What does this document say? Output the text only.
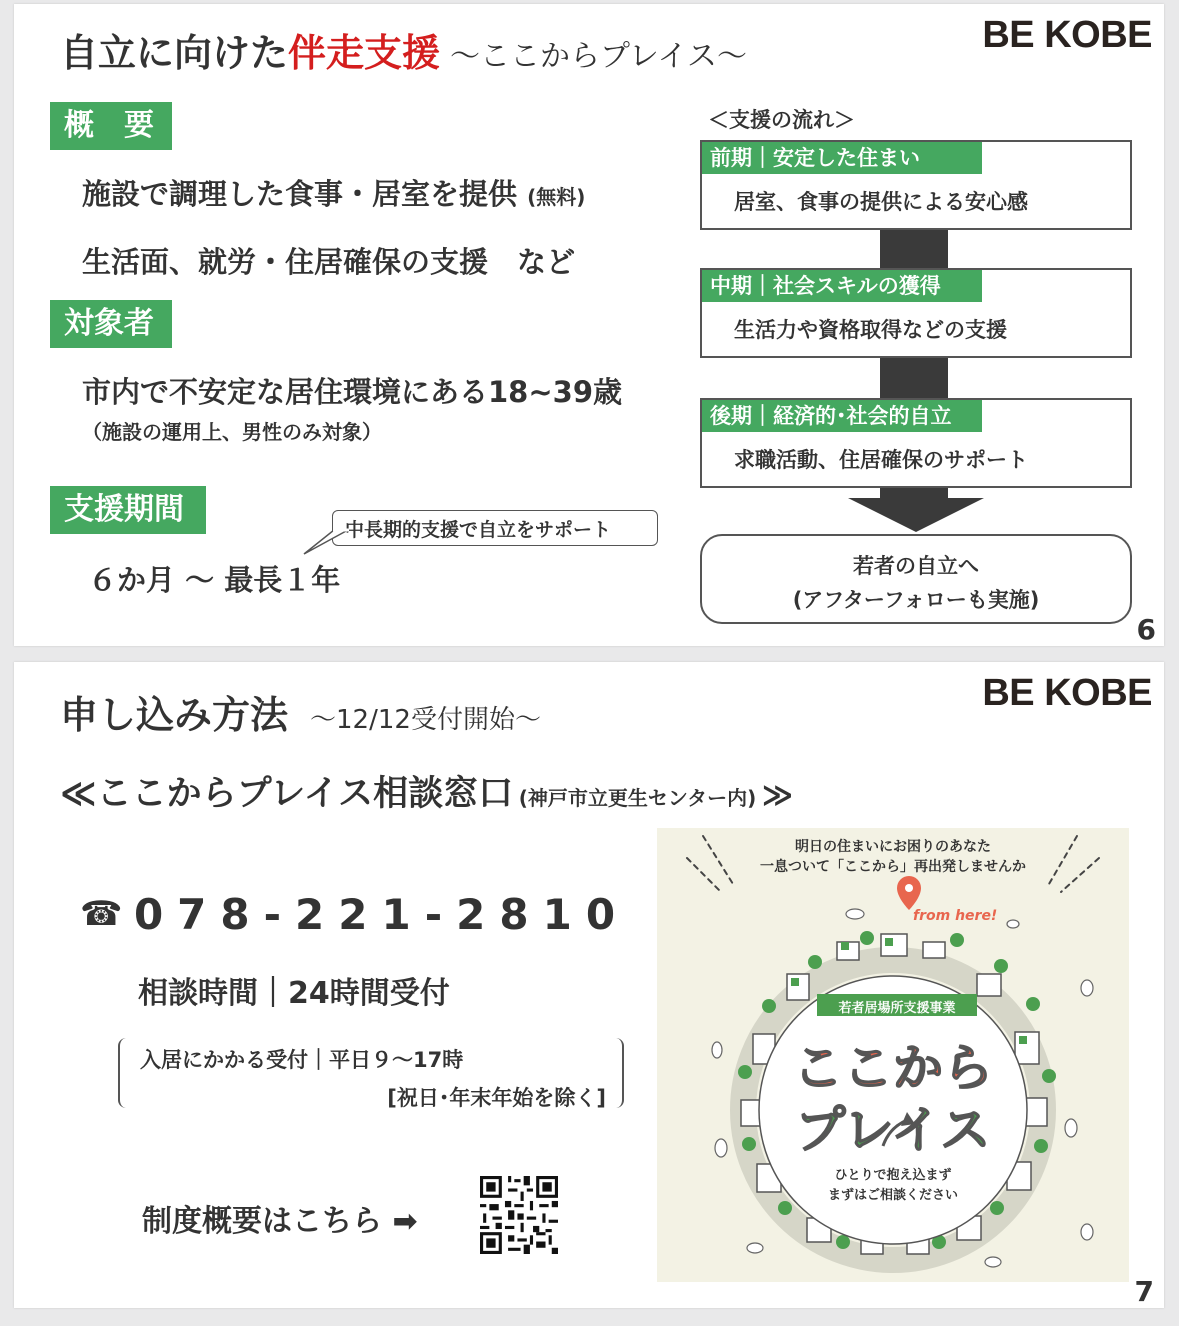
BE KOBE
自立に向けた伴走支援 ～ここからプレイス～
概　要
施設で調理した食事・居室を提供 (無料)
生活面、就労・住居確保の支援　など
対象者
市内で不安定な居住環境にある18~39歳
（施設の運用上、男性のみ対象）
支援期間
中長期的支援で自立をサポート
６か月 ～ 最長１年
＜支援の流れ＞
前期｜安定した住まい
居室、食事の提供による安心感
中期｜社会スキルの獲得
生活力や資格取得などの支援
後期｜経済的･社会的自立
求職活動、住居確保のサポート
若者の自立へ
(アフターフォローも実施)
6
BE KOBE
申し込み方法 ～12/12受付開始～
≪ここからプレイス相談窓口 (神戸市立更生センター内) ≫
☎ 078-221-2810
相談時間｜24時間受付
入居にかかる受付｜平日９～17時
[祝日･年末年始を除く]
制度概要はこちら ➡
明日の住まいにお困りのあなた
一息ついて「ここから」再出発しませんか
from here!
若者居場所支援事業
ここから
プレイス
ひとりで抱え込まず
まずはご相談ください
7
